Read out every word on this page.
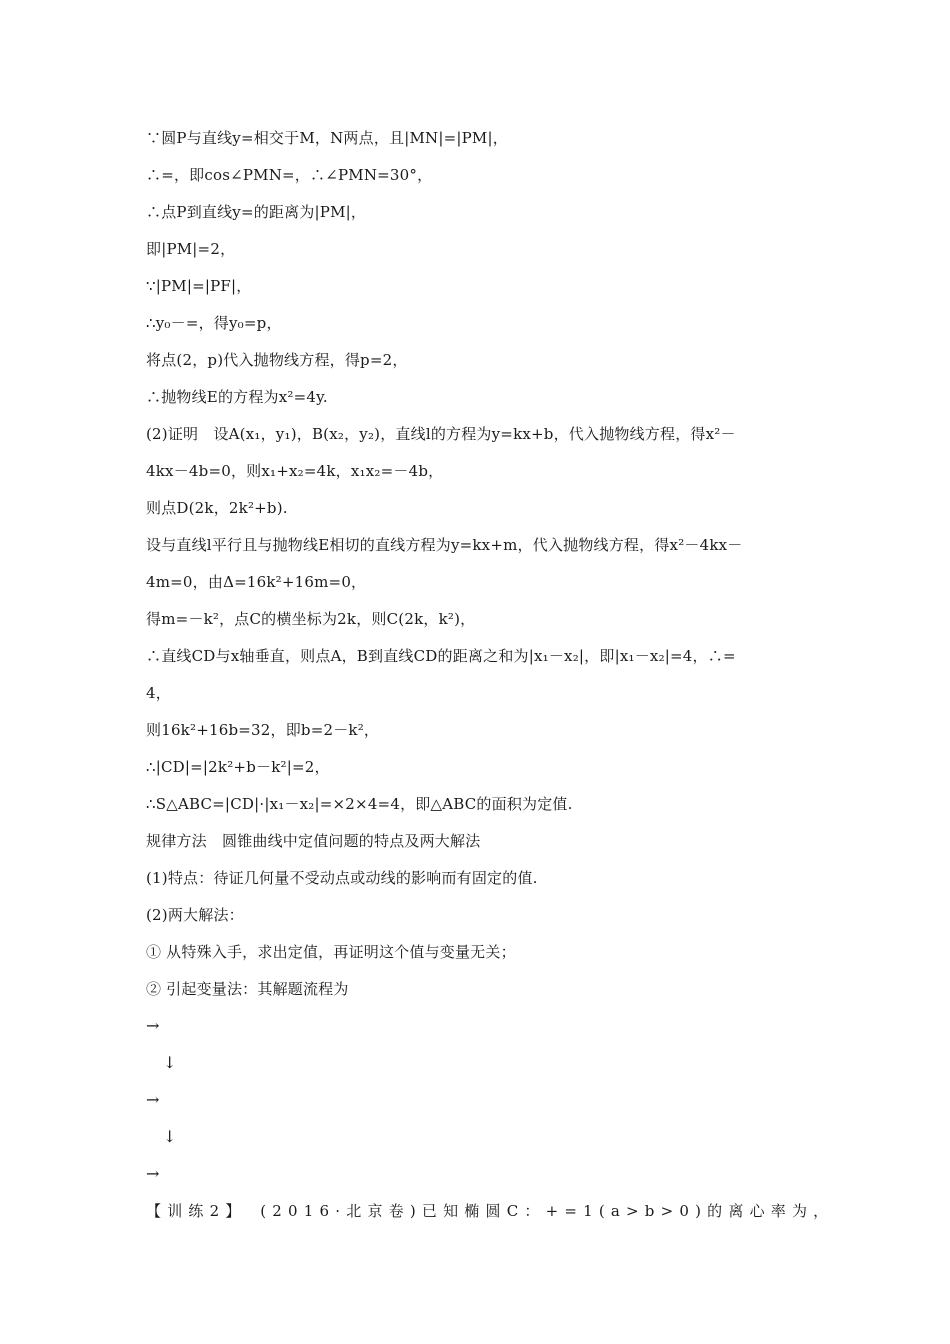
∵圆P与直线y=相交于M，N两点，且|MN|=|PM|，
∴=，即cos∠PMN=，∴∠PMN=30°，
∴点P到直线y=的距离为|PM|，
即|PM|=2，
∵|PM|=|PF|，
∴y₀－=，得y₀=p，
将点(2，p)代入抛物线方程，得p=2，
∴抛物线E的方程为x²=4y.
(2)证明　设A(x₁，y₁)，B(x₂，y₂)，直线l的方程为y=kx+b，代入抛物线方程，得x²－
4kx－4b=0，则x₁+x₂=4k，x₁x₂=－4b，
则点D(2k，2k²+b).
设与直线l平行且与抛物线E相切的直线方程为y=kx+m，代入抛物线方程，得x²－4kx－
4m=0，由Δ=16k²+16m=0，
得m=－k²，点C的横坐标为2k，则C(2k，k²)，
∴直线CD与x轴垂直，则点A，B到直线CD的距离之和为|x₁－x₂|，即|x₁－x₂|=4，∴=
4，
则16k²+16b=32，即b=2－k²，
∴|CD|=|2k²+b－k²|=2，
∴S△ABC=|CD|·|x₁－x₂|=×2×4=4，即△ABC的面积为定值.
规律方法　圆锥曲线中定值问题的特点及两大解法
(1)特点：待证几何量不受动点或动线的影响而有固定的值.
(2)两大解法：
① 从特殊入手，求出定值，再证明这个值与变量无关；
② 引起变量法：其解题流程为
→
↓
→
↓
→
【训练2】　(2016·北京卷)已知椭圆C：+=1(a>b>0)的离心率为，
